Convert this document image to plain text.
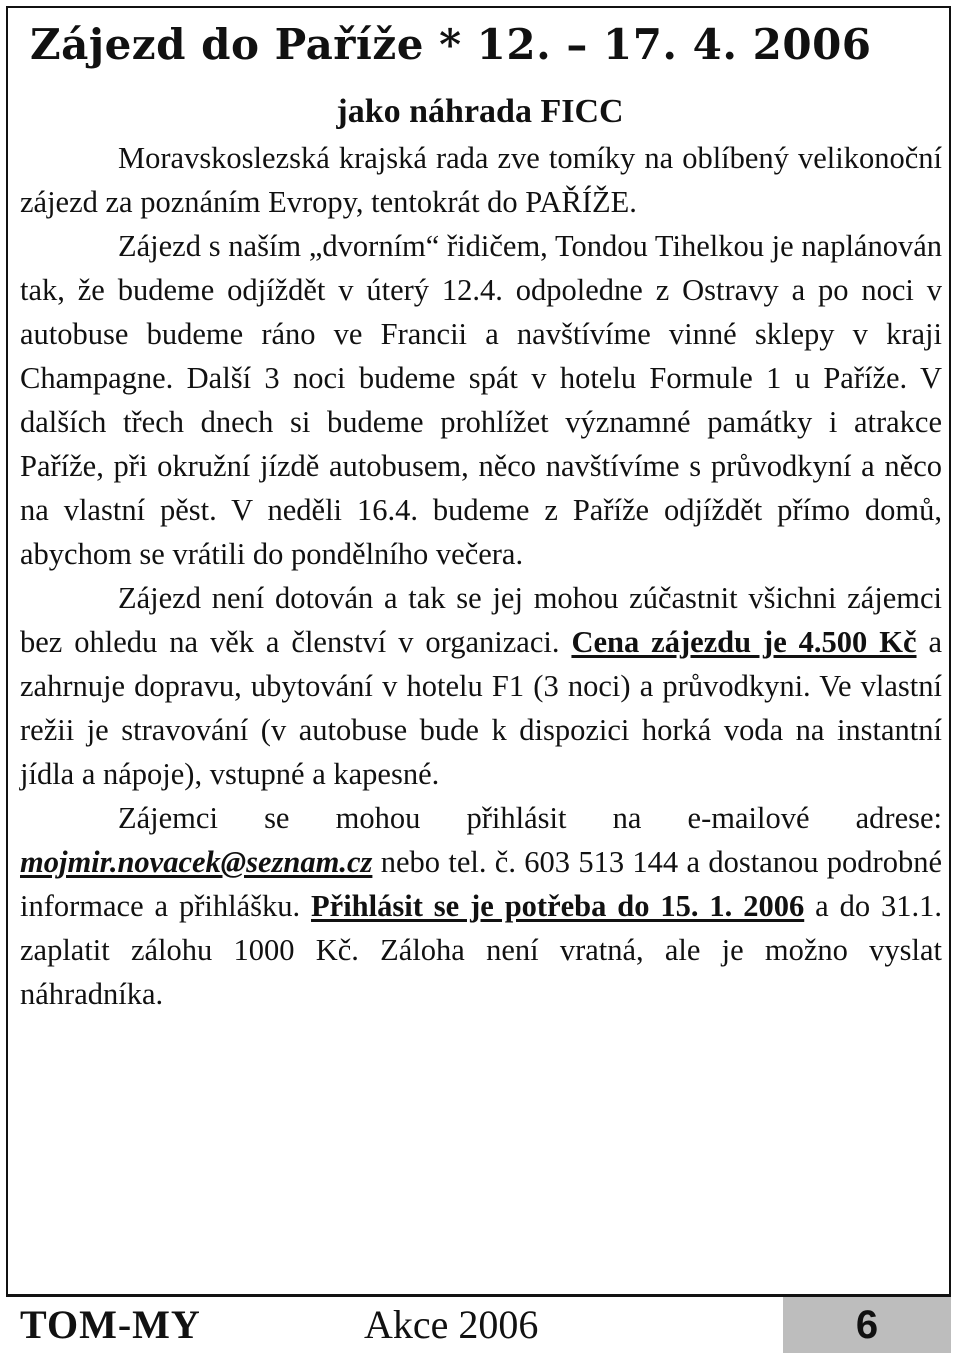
Zájezd do Paříže * 12. – 17. 4. 2006
jako náhrada FICC

Moravskoslezská krajská rada zve tomíky na oblíbený velikonoční zájezd za poznáním Evropy, tentokrát do PAŘÍŽE.

Zájezd s naším „dvorním“ řidičem, Tondou Tihelkou je naplánován tak, že budeme odjíždět v úterý 12.4. odpoledne z Ostravy a po noci v autobuse budeme ráno ve Francii a navštívíme vinné sklepy v kraji Champagne. Další 3 noci budeme spát v hotelu Formule 1 u Paříže. V dalších třech dnech si budeme prohlížet významné památky i atrakce Paříže, při okružní jízdě autobusem, něco navštívíme s průvodkyní a něco na vlastní pěst. V neděli 16.4. budeme z Paříže odjíždět přímo domů, abychom se vrátili do pondělního večera.

Zájezd není dotován a tak se jej mohou zúčastnit všichni zájemci bez ohledu na věk a členství v organizaci. Cena zájezdu je 4.500 Kč a zahrnuje dopravu, ubytování v hotelu F1 (3 noci) a průvodkyni. Ve vlastní režii je stravování (v autobuse bude k dispozici horká voda na instantní jídla a nápoje), vstupné a kapesné.

Zájemci se mohou přihlásit na e-mailové adrese: mojmir.novacek@seznam.cz nebo tel. č. 603 513 144 a dostanou podrobné informace a přihlášku. Přihlásit se je potřeba do 15. 1. 2006 a do 31.1. zaplatit zálohu 1000 Kč. Záloha není vratná, ale je možno vyslat náhradníka.

TOM-MY	Akce 2006	6
